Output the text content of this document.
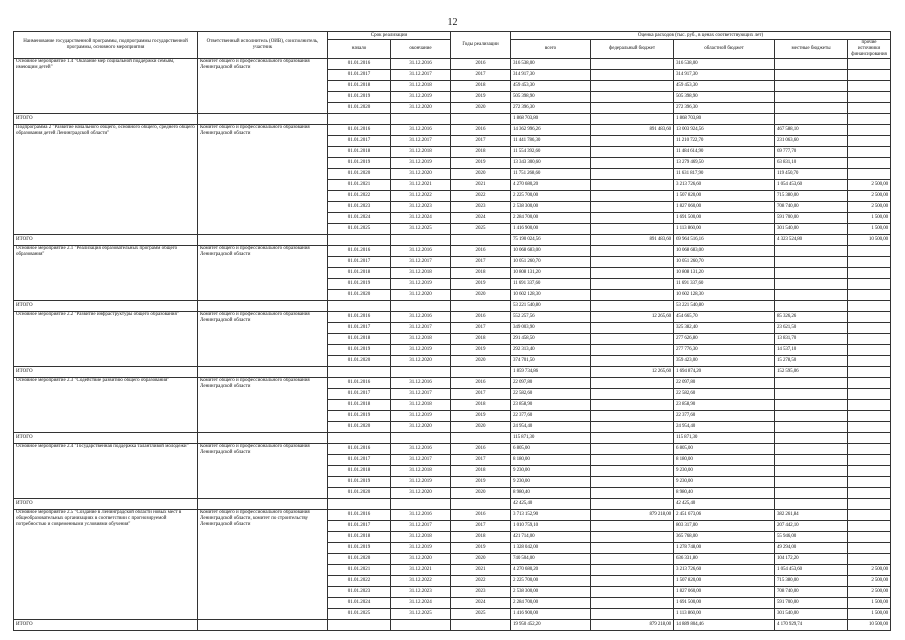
12
Наименование государственной программы, подпрограммы государственной программы, основного мероприятия	Ответственный исполнитель (ОИВ), соисполнитель, участник	Срок реализации		Годы реализации	Оценка расходов (тыс. руб., в ценах соответствующих лет)				
		начало	окончание		всего	федеральный бюджет	областной бюджет	местные бюджеты	прочие источники финансирования
Основное мероприятие 1.4 "Оказание мер социальной поддержки семьям, имеющим детей"	Комитет общего и профессионального образования Ленинградской области	01.01.2016	31.12.2016	2016	316 538,00		316 538,00		
		01.01.2017	31.12.2017	2017	314 917,30		314 917,30		
		01.01.2018	31.12.2018	2018	459 453,30		459 453,30		
		01.01.2019	31.12.2019	2019	505 398,90		505 398,90		
		01.01.2020	31.12.2020	2020	272 396,30		272 396,30		
ИТОГО					1 868 703,80		1 868 703,80		
Подпрограмма 2 "Развитие начального общего, основного общего, среднего общего образования детей Ленинградской области"	Комитет общего и профессионального образования Ленинградской области	01.01.2016	31.12.2016	2016	14 362 996,26	891 483,60	13 003 924,56	467 588,10	
		01.01.2017	31.12.2017	2017	11 441 786,30		11 210 722,70	231 063,60	
		01.01.2018	31.12.2018	2018	11 554 392,60		11 484 614,90	69 777,70	
		01.01.2019	31.12.2019	2019	13 343 300,60		13 279 469,50	63 831,10	
		01.01.2020	31.12.2020	2020	11 751 268,60		11 631 817,90	119 450,70	
		01.01.2021	31.12.2021	2021	4 270 680,20		3 213 726,60	1 054 453,60	2 500,00
		01.01.2022	31.12.2022	2022	2 225 700,00		1 507 820,00	715 380,00	2 500,00
		01.01.2023	31.12.2023	2023	2 538 300,00		1 827 060,00	708 740,00	2 500,00
		01.01.2024	31.12.2024	2024	2 284 700,00		1 691 500,00	591 700,00	1 500,00
		01.01.2025	31.12.2025	2025	1 416 900,00		1 113 860,00	301 540,00	1 500,00
ИТОГО					75 190 024,56	891 483,60	69 964 516,16	4 323 524,80	10 500,00
Основное мероприятие 2.1 "Реализация образовательных программ общего образования"	Комитет общего и профессионального образования Ленинградской области	01.01.2016	31.12.2016	2016	10 068 683,00		10 068 683,00		
		01.01.2017	31.12.2017	2017	10 051 260,70		10 051 260,70		
		01.01.2018	31.12.2018	2018	10 808 131,20		10 808 131,20		
		01.01.2019	31.12.2019	2019	11 691 337,60		11 691 337,60		
		01.01.2020	31.12.2020	2020	10 602 128,30		10 602 128,30		
ИТОГО					53 221 540,80		53 221 540,80		
Основное мероприятие 2.2 "Развитие инфраструктуры общего образования"	Комитет общего и профессионального образования Ленинградской области	01.01.2016	31.12.2016	2016	552 257,56	12 265,60	454 665,70	85 326,26	
		01.01.2017	31.12.2017	2017	349 003,90		325 382,40	23 621,50	
		01.01.2018	31.12.2018	2018	291 458,50		277 626,80	13 831,70	
		01.01.2019	31.12.2019	2019	292 313,40		277 776,30	14 537,10	
		01.01.2020	31.12.2020	2020	374 701,50		359 423,00	15 278,50	
ИТОГО					1 859 734,86	12 265,60	1 694 874,20	152 595,06	
Основное мероприятие 2.3 "Содействие развитию общего образования"	Комитет общего и профессионального образования Ленинградской области	01.01.2016	31.12.2016	2016	22 097,80		22 097,80		
		01.01.2017	31.12.2017	2017	22 582,60		22 582,60		
		01.01.2018	31.12.2018	2018	23 858,90		23 858,90		
		01.01.2019	31.12.2019	2019	22 377,60		22 377,60		
		01.01.2020	31.12.2020	2020	24 954,40		24 954,40		
ИТОГО					115 871,30		115 871,30		
Основное мероприятие 2.4 "Государственная поддержка талантливой молодежи"	Комитет общего и профессионального образования Ленинградской области	01.01.2016	31.12.2016	2016	6 805,00		6 805,00		
		01.01.2017	31.12.2017	2017	8 180,00		8 180,00		
		01.01.2018	31.12.2018	2018	9 230,00		9 230,00		
		01.01.2019	31.12.2019	2019	9 230,00		9 230,00		
		01.01.2020	31.12.2020	2020	8 980,40		8 980,40		
ИТОГО					42 425,40		42 425,40		
Основное мероприятие 2.5 "Создание в Ленинградской области новых мест в общеобразовательных организациях в соответствии с прогнозируемой потребностью и современными условиями обучения"	Комитет общего и профессионального образования Ленинградской области, комитет по строительству Ленинградской области	01.01.2016	31.12.2016	2016	3 713 152,90	879 218,00	2 451 673,06	382 261,84	
		01.01.2017	31.12.2017	2017	1 010 759,10		803 317,00	207 442,10	
		01.01.2018	31.12.2018	2018	421 714,00		365 768,00	55 946,00	
		01.01.2019	31.12.2019	2019	1 328 042,00		1 278 748,00	49 294,00	
		01.01.2020	31.12.2020	2020	740 504,00		636 331,80	104 172,20	
		01.01.2021	31.12.2021	2021	4 270 680,20		3 213 726,60	1 054 453,60	2 500,00
		01.01.2022	31.12.2022	2022	2 225 700,00		1 507 820,00	715 380,00	2 500,00
		01.01.2023	31.12.2023	2023	2 538 300,00		1 827 060,00	708 740,00	2 500,00
		01.01.2024	31.12.2024	2024	2 284 700,00		1 691 500,00	591 700,00	1 500,00
		01.01.2025	31.12.2025	2025	1 416 900,00		1 113 860,00	301 540,00	1 500,00
ИТОГО					19 950 452,20	879 218,00	14 889 804,46	4 170 929,74	10 500,00
